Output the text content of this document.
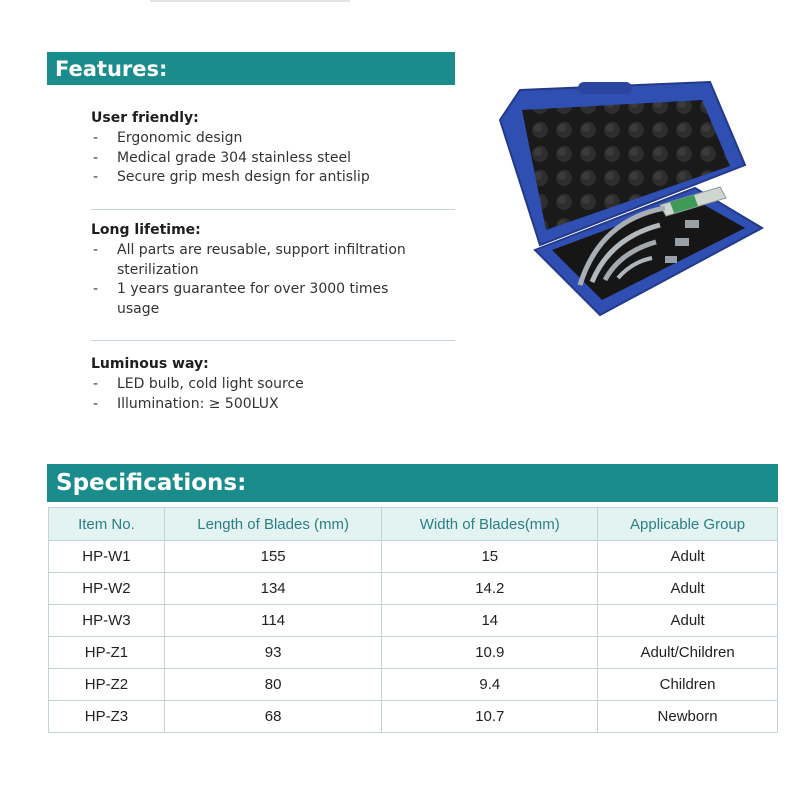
Features:
User friendly:
- Ergonomic design
- Medical grade 304 stainless steel
- Secure grip mesh design for antislip
Long lifetime:
- All parts are reusable, support infiltration sterilization
- 1 years guarantee for over 3000 times usage
Luminous way:
- LED bulb, cold light source
- Illumination: ≥ 500LUX
Specifications:
Item No.	Length of Blades (mm)	Width of Blades(mm)	Applicable Group
HP-W1	155	15	Adult
HP-W2	134	14.2	Adult
HP-W3	114	14	Adult
HP-Z1	93	10.9	Adult/Children
HP-Z2	80	9.4	Children
HP-Z3	68	10.7	Newborn
